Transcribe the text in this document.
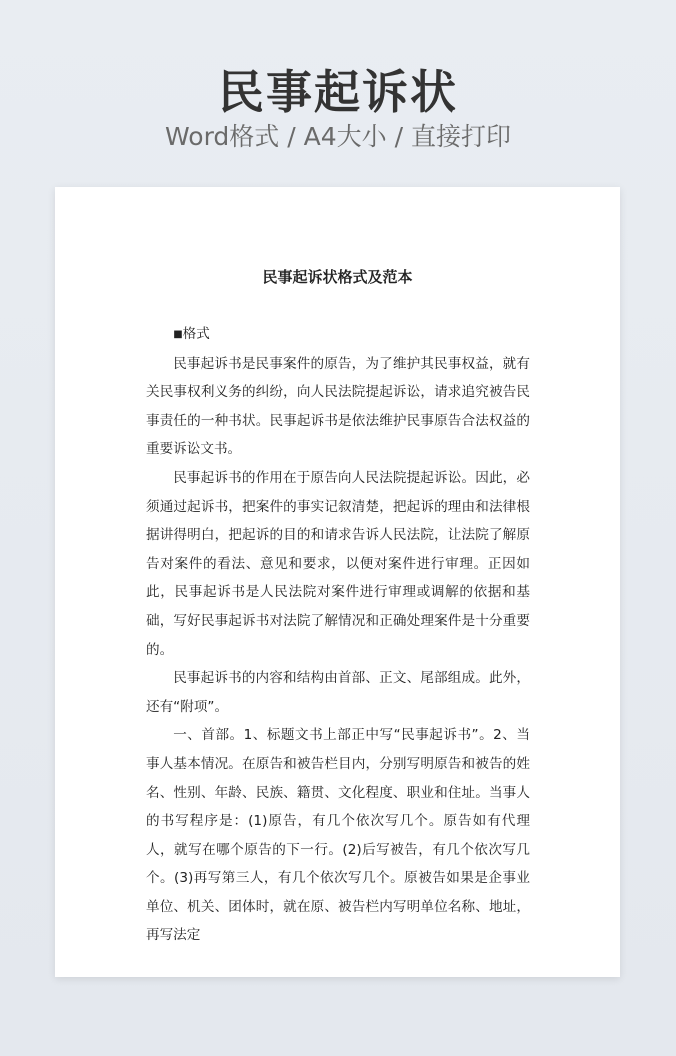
民事起诉状
Word格式 / A4大小 / 直接打印
民事起诉状格式及范本
■格式

民事起诉书是民事案件的原告，为了维护其民事权益，就有关民事权利义务的纠纷，向人民法院提起诉讼，请求追究被告民事责任的一种书状。民事起诉书是依法维护民事原告合法权益的重要诉讼文书。

民事起诉书的作用在于原告向人民法院提起诉讼。因此，必须通过起诉书，把案件的事实记叙清楚，把起诉的理由和法律根据讲得明白，把起诉的目的和请求告诉人民法院，让法院了解原告对案件的看法、意见和要求，以便对案件进行审理。正因如此，民事起诉书是人民法院对案件进行审理或调解的依据和基础，写好民事起诉书对法院了解情况和正确处理案件是十分重要的。

民事起诉书的内容和结构由首部、正文、尾部组成。此外，还有“附项”。

一、首部。1、标题文书上部正中写“民事起诉书”。2、当事人基本情况。在原告和被告栏目内，分别写明原告和被告的姓名、性别、年龄、民族、籍贯、文化程度、职业和住址。当事人的书写程序是：(1)原告，有几个依次写几个。原告如有代理人，就写在哪个原告的下一行。(2)后写被告，有几个依次写几个。(3)再写第三人，有几个依次写几个。原被告如果是企事业单位、机关、团体时，就在原、被告栏内写明单位名称、地址，再写法定
